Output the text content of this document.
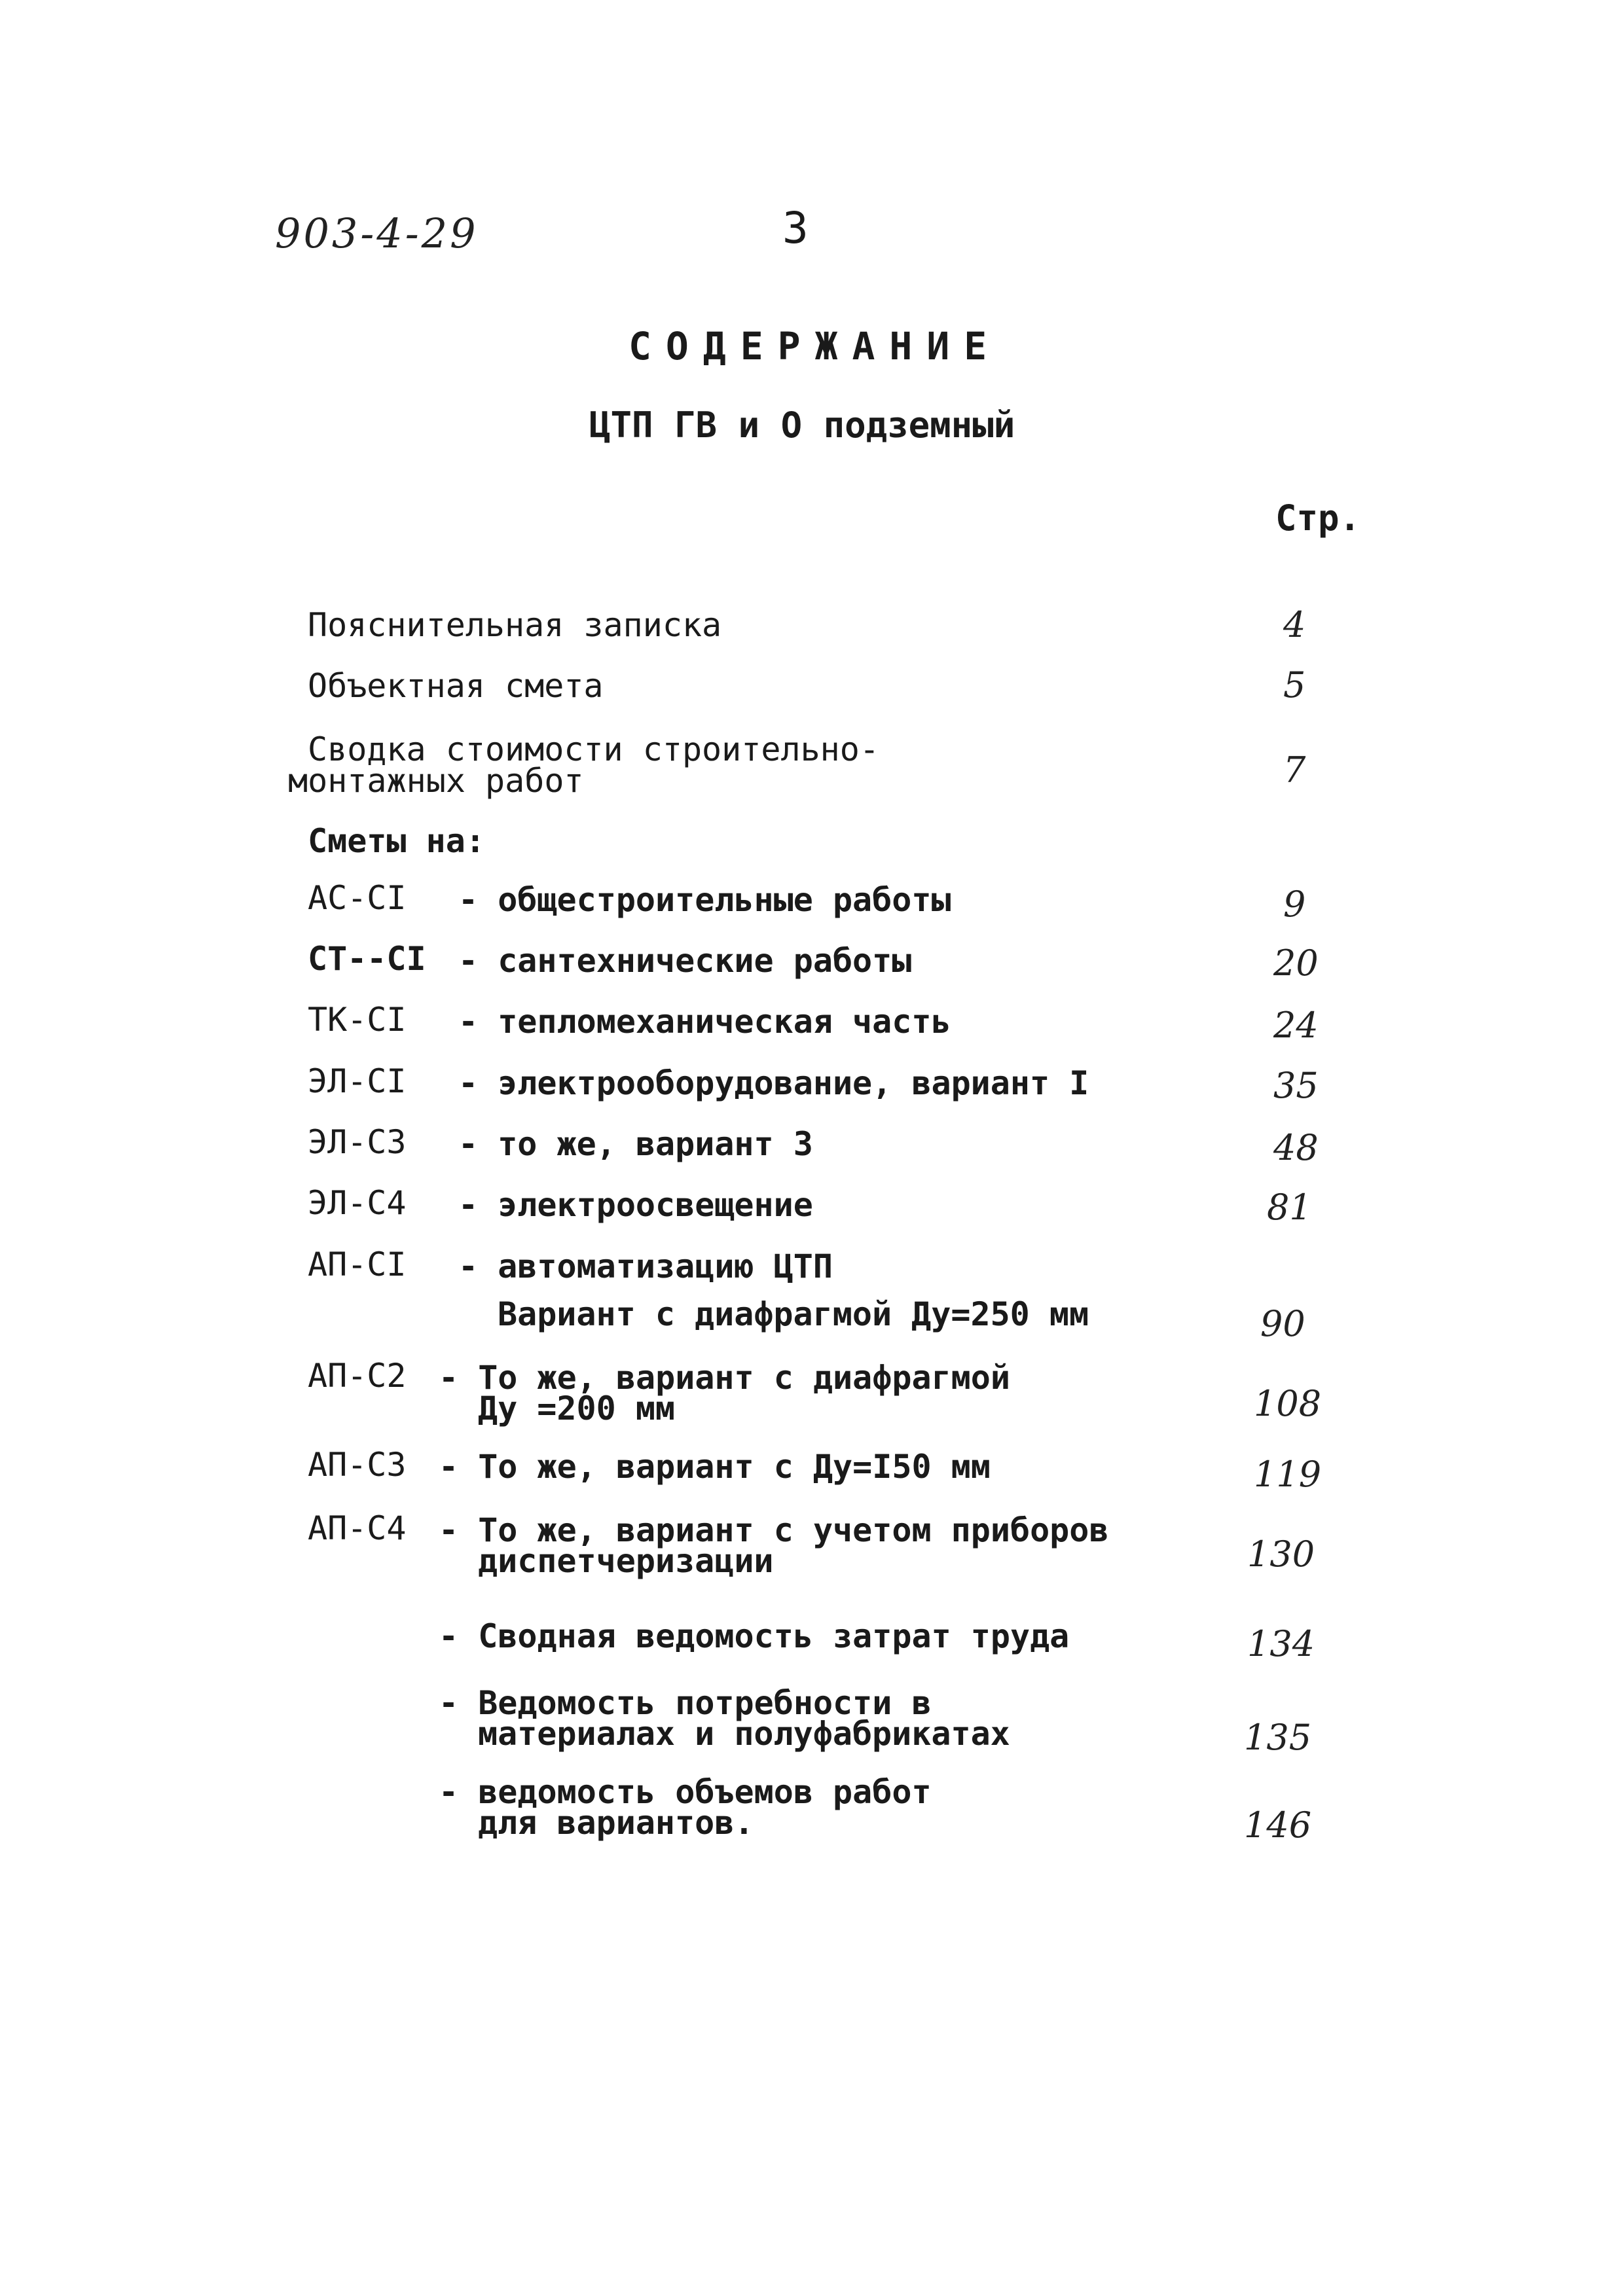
903-4-29	3
СОДЕРЖАНИЕ
ЦТП ГВ и О подземный
Стр.
Пояснительная записка	4
Объектная смета	5
Сводка стоимости строительно-
монтажных работ	7
Сметы на:
АС-СI - общестроительные работы	9
СТ--СI - сантехнические работы	20
ТК-СI - тепломеханическая часть	24
ЭЛ-СI - электрооборудование, вариант I	35
ЭЛ-С3 - то же, вариант 3	48
ЭЛ-С4 - электроосвещение	81
АП-СI - автоматизацию ЦТП
Вариант с диафрагмой Ду=250 мм	90
АП-С2 - То же, вариант с диафрагмой
Ду =200 мм	108
АП-С3 - То же, вариант с Ду=I50 мм	119
АП-С4 - То же, вариант с учетом приборов
диспетчеризации	130
- Сводная ведомость затрат труда	134
- Ведомость потребности в
материалах и полуфабрикатах	135
- ведомость объемов работ
для вариантов.	146
